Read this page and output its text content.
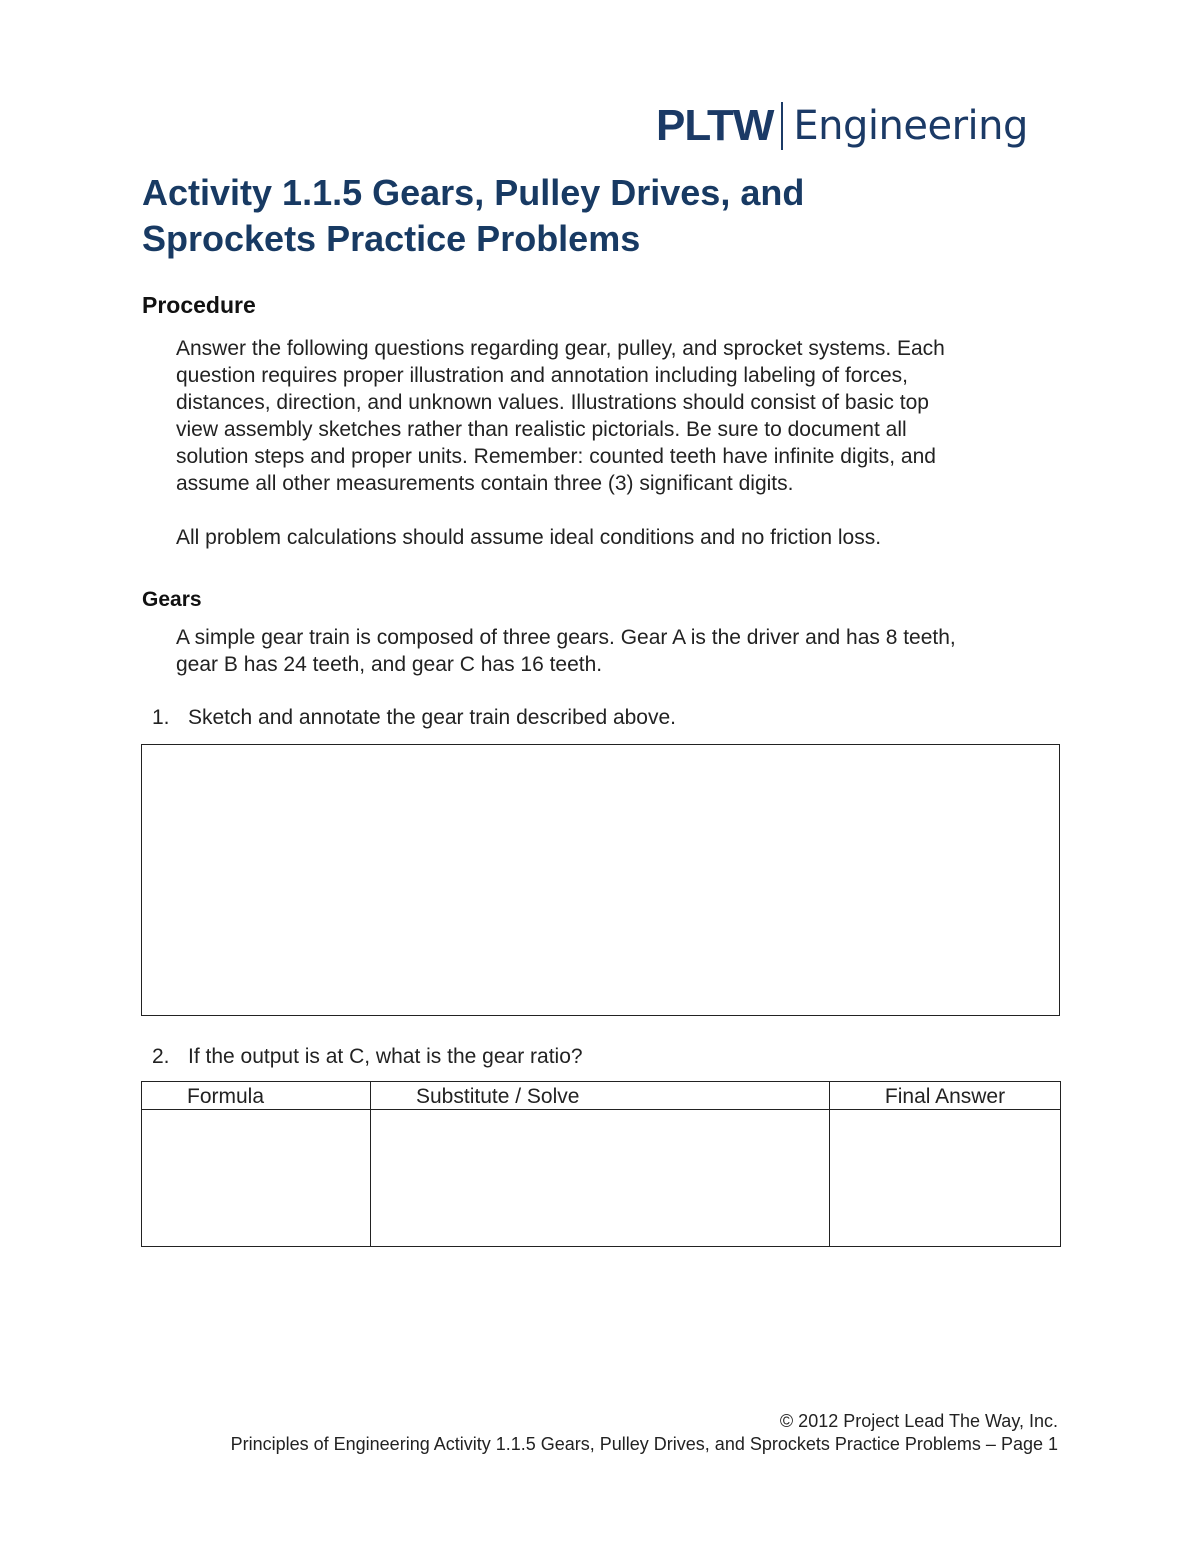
PLTW Engineering
Activity 1.1.5 Gears, Pulley Drives, and
Sprockets Practice Problems
Procedure

Answer the following questions regarding gear, pulley, and sprocket systems. Each
question requires proper illustration and annotation including labeling of forces,
distances, direction, and unknown values. Illustrations should consist of basic top
view assembly sketches rather than realistic pictorials. Be sure to document all
solution steps and proper units. Remember: counted teeth have infinite digits, and
assume all other measurements contain three (3) significant digits.

All problem calculations should assume ideal conditions and no friction loss.

Gears

A simple gear train is composed of three gears. Gear A is the driver and has 8 teeth,
gear B has 24 teeth, and gear C has 16 teeth.

1. Sketch and annotate the gear train described above.
2. If the output is at C, what is the gear ratio?
Formula	Substitute / Solve	Final Answer

© 2012 Project Lead The Way, Inc.
Principles of Engineering Activity 1.1.5 Gears, Pulley Drives, and Sprockets Practice Problems – Page 1
